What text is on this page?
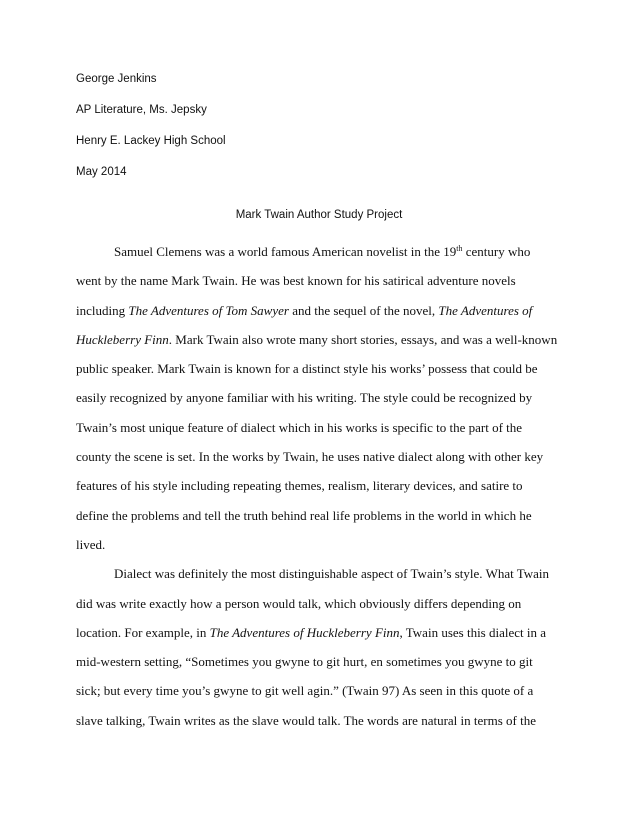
George Jenkins
AP Literature, Ms. Jepsky
Henry E. Lackey High School
May 2014
Mark Twain Author Study Project
Samuel Clemens was a world famous American novelist in the 19th century who
went by the name Mark Twain. He was best known for his satirical adventure novels
including The Adventures of Tom Sawyer and the sequel of the novel, The Adventures of
Huckleberry Finn. Mark Twain also wrote many short stories, essays, and was a well-known
public speaker. Mark Twain is known for a distinct style his works’ possess that could be
easily recognized by anyone familiar with his writing. The style could be recognized by
Twain’s most unique feature of dialect which in his works is specific to the part of the
county the scene is set. In the works by Twain, he uses native dialect along with other key
features of his style including repeating themes, realism, literary devices, and satire to
define the problems and tell the truth behind real life problems in the world in which he
lived.
Dialect was definitely the most distinguishable aspect of Twain’s style. What Twain
did was write exactly how a person would talk, which obviously differs depending on
location. For example, in The Adventures of Huckleberry Finn, Twain uses this dialect in a
mid-western setting, “Sometimes you gwyne to git hurt, en sometimes you gwyne to git
sick; but every time you’s gwyne to git well agin.” (Twain 97) As seen in this quote of a
slave talking, Twain writes as the slave would talk. The words are natural in terms of the
